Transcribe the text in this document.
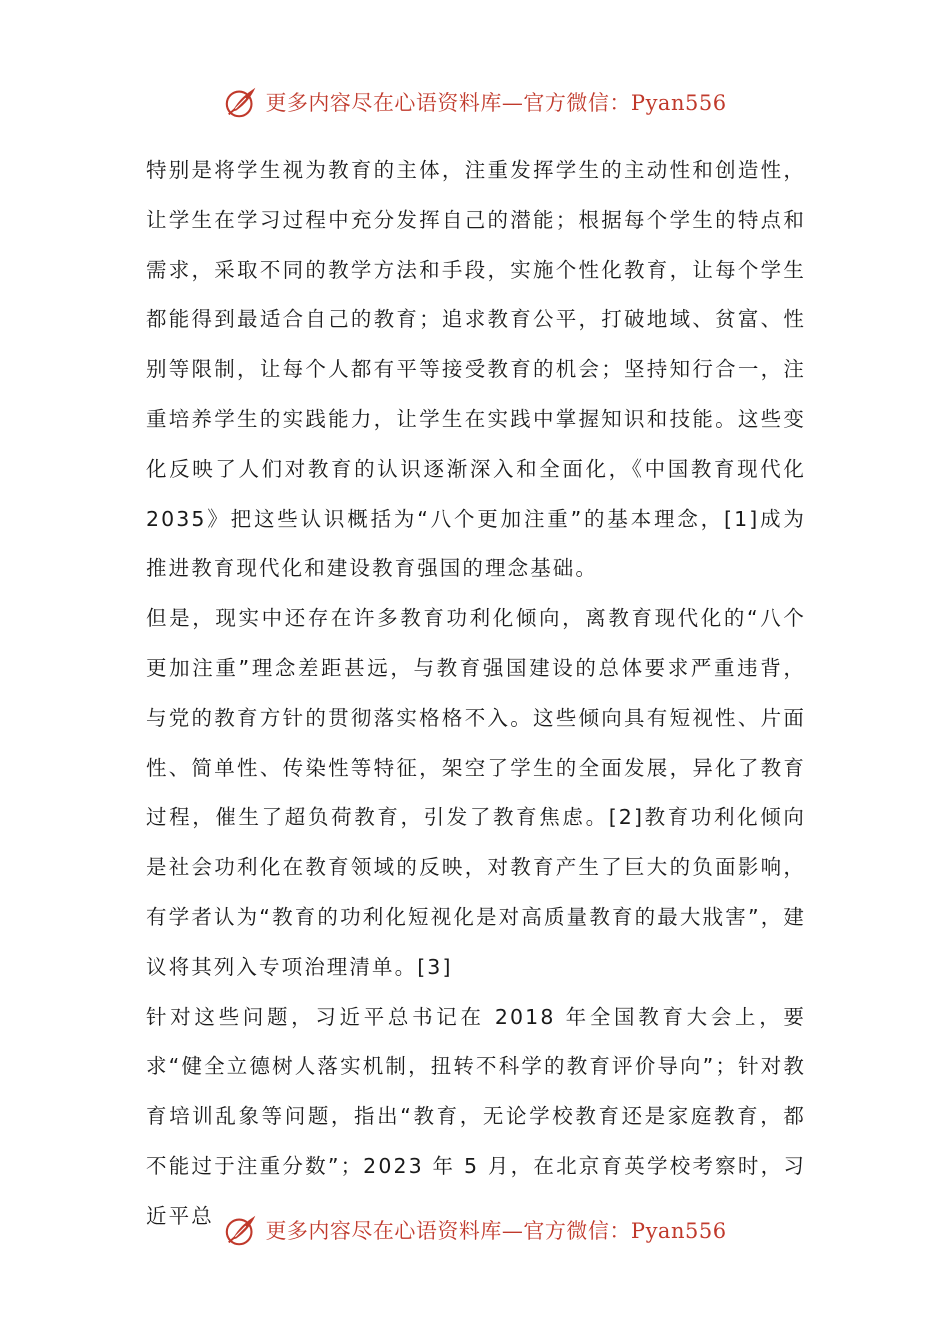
更多内容尽在心语资料库—官方微信：Pyan556

特别是将学生视为教育的主体，注重发挥学生的主动性和创造性，让学生在学习过程中充分发挥自己的潜能；根据每个学生的特点和需求，采取不同的教学方法和手段，实施个性化教育，让每个学生都能得到最适合自己的教育；追求教育公平，打破地域、贫富、性别等限制，让每个人都有平等接受教育的机会；坚持知行合一，注重培养学生的实践能力，让学生在实践中掌握知识和技能。这些变化反映了人们对教育的认识逐渐深入和全面化，《中国教育现代化2035》把这些认识概括为“八个更加注重”的基本理念，[1]成为推进教育现代化和建设教育强国的理念基础。

但是，现实中还存在许多教育功利化倾向，离教育现代化的“八个更加注重”理念差距甚远，与教育强国建设的总体要求严重违背，与党的教育方针的贯彻落实格格不入。这些倾向具有短视性、片面性、简单性、传染性等特征，架空了学生的全面发展，异化了教育过程，催生了超负荷教育，引发了教育焦虑。[2]教育功利化倾向是社会功利化在教育领域的反映，对教育产生了巨大的负面影响，有学者认为“教育的功利化短视化是对高质量教育的最大戕害”，建议将其列入专项治理清单。[3]

针对这些问题，习近平总书记在 2018 年全国教育大会上，要求“健全立德树人落实机制，扭转不科学的教育评价导向”；针对教育培训乱象等问题，指出“教育，无论学校教育还是家庭教育，都不能过于注重分数”；2023 年 5 月，在北京育英学校考察时，习近平总

更多内容尽在心语资料库—官方微信：Pyan556
